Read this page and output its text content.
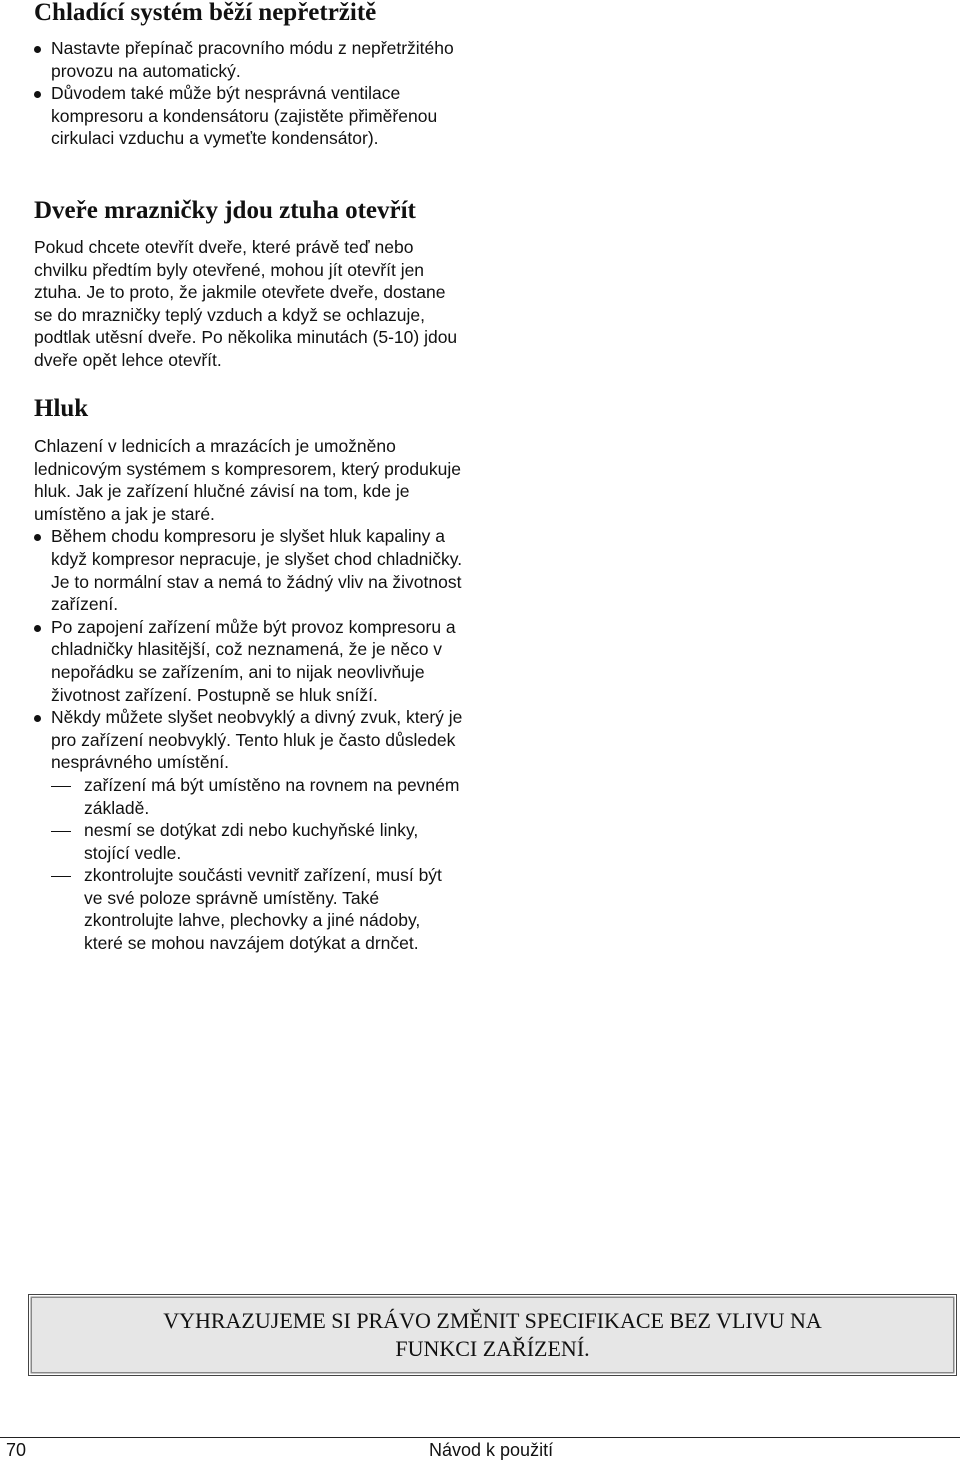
Chladící systém běží nepřetržitě
Nastavte přepínač pracovního módu z nepřetržitého provozu na automatický.
Důvodem také může být nesprávná ventilace kompresoru a kondensátoru (zajistěte přiměřenou cirkulaci vzduchu a vymeťte kondensátor).
Dveře mrazničky jdou ztuha otevřít

Pokud chcete otevřít dveře, které právě teď nebo chvilku předtím byly otevřené, mohou jít otevřít jen ztuha. Je to proto, že jakmile otevřete dveře, dostane se do mrazničky teplý vzduch a když se ochlazuje, podtlak utěsní dveře. Po několika minutách (5-10) jdou dveře opět lehce otevřít.

Hluk

Chlazení v lednicích a mrazácích je umožněno lednicovým systémem s kompresorem, který produkuje hluk. Jak je zařízení hlučné závisí na tom, kde je umístěno a jak je staré.

Během chodu kompresoru je slyšet hluk kapaliny a když kompresor nepracuje, je slyšet chod chladničky. Je to normální stav a nemá to žádný vliv na životnost zařízení.
Po zapojení zařízení může být provoz kompresoru a chladničky hlasitější, což neznamená, že je něco v nepořádku se zařízením, ani to nijak neovlivňuje životnost zařízení. Postupně se hluk sníží.
Někdy můžete slyšet neobvyklý a divný zvuk, který je pro zařízení neobvyklý. Tento hluk je často důsledek nesprávného umístění.
zařízení má být umístěno na rovnem na pevném základě.
nesmí se dotýkat zdi nebo kuchyňské linky, stojící vedle.
zkontrolujte součásti vevnitř zařízení, musí být ve své poloze správně umístěny. Také zkontrolujte lahve, plechovky a jiné nádoby, které se mohou navzájem dotýkat a drnčet.
VYHRAZUJEME SI PRÁVO ZMĚNIT SPECIFIKACE BEZ VLIVU NA FUNKCI ZAŘÍZENÍ.
70	Návod k použití
